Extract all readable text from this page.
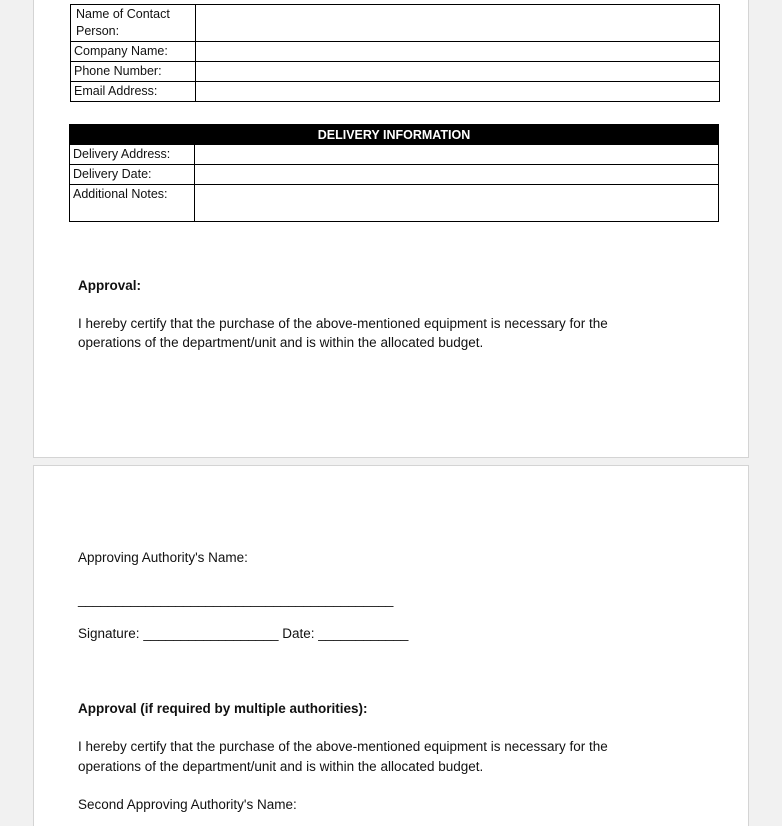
Name of Contact Person:	
Company Name:	
Phone Number:	
Email Address:	
DELIVERY INFORMATION	
Delivery Address:	
Delivery Date:	
Additional Notes:	
Approval:
I hereby certify that the purchase of the above-mentioned equipment is necessary for the
operations of the department/unit and is within the allocated budget.
Approving Authority's Name:
__________________________________________
Signature: __________________ Date: ____________
Approval (if required by multiple authorities):
I hereby certify that the purchase of the above-mentioned equipment is necessary for the
operations of the department/unit and is within the allocated budget.
Second Approving Authority's Name:
